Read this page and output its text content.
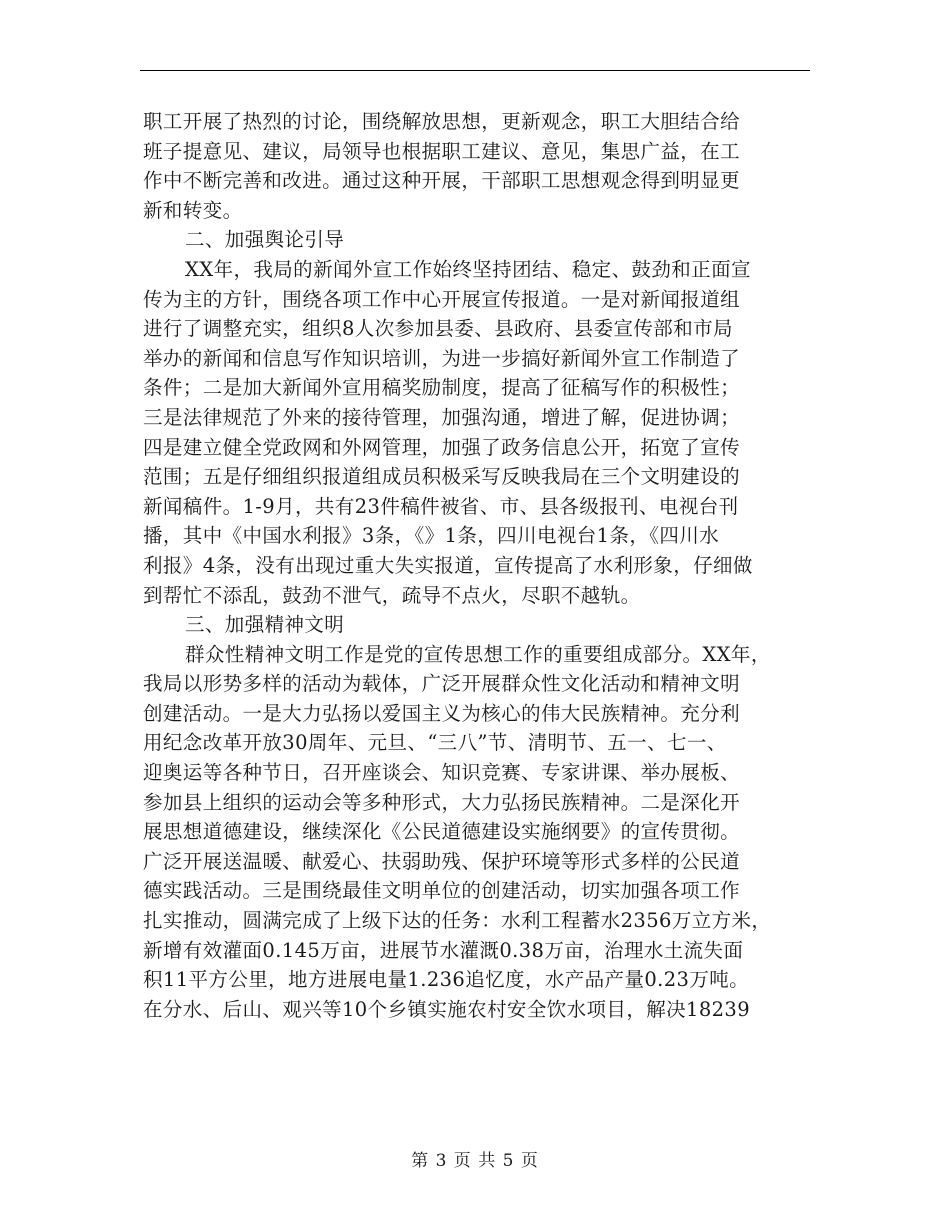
职工开展了热烈的讨论，围绕解放思想，更新观念，职工大胆结合给
班子提意见、建议，局领导也根据职工建议、意见，集思广益，在工
作中不断完善和改进。通过这种开展，干部职工思想观念得到明显更
新和转变。
二、加强舆论引导
XX年，我局的新闻外宣工作始终坚持团结、稳定、鼓劲和正面宣
传为主的方针，围绕各项工作中心开展宣传报道。一是对新闻报道组
进行了调整充实，组织8人次参加县委、县政府、县委宣传部和市局
举办的新闻和信息写作知识培训，为进一步搞好新闻外宣工作制造了
条件；二是加大新闻外宣用稿奖励制度，提高了征稿写作的积极性；
三是法律规范了外来的接待管理，加强沟通，增进了解，促进协调；
四是建立健全党政网和外网管理，加强了政务信息公开，拓宽了宣传
范围；五是仔细组织报道组成员积极采写反映我局在三个文明建设的
新闻稿件。1-9月，共有23件稿件被省、市、县各级报刊、电视台刊
播，其中《中国水利报》3条，《》1条，四川电视台1条，《四川水
利报》4条，没有出现过重大失实报道，宣传提高了水利形象，仔细做
到帮忙不添乱，鼓劲不泄气，疏导不点火，尽职不越轨。
三、加强精神文明
群众性精神文明工作是党的宣传思想工作的重要组成部分。XX年，
我局以形势多样的活动为载体，广泛开展群众性文化活动和精神文明
创建活动。一是大力弘扬以爱国主义为核心的伟大民族精神。充分利
用纪念改革开放30周年、元旦、“三八”节、清明节、五一、七一、
迎奥运等各种节日，召开座谈会、知识竞赛、专家讲课、举办展板、
参加县上组织的运动会等多种形式，大力弘扬民族精神。二是深化开
展思想道德建设，继续深化《公民道德建设实施纲要》的宣传贯彻。
广泛开展送温暖、献爱心、扶弱助残、保护环境等形式多样的公民道
德实践活动。三是围绕最佳文明单位的创建活动，切实加强各项工作
扎实推动，圆满完成了上级下达的任务：水利工程蓄水2356万立方米，
新增有效灌面0.145万亩，进展节水灌溉0.38万亩，治理水土流失面
积11平方公里，地方进展电量1.236追忆度，水产品产量0.23万吨。
在分水、后山、观兴等10个乡镇实施农村安全饮水项目，解决18239
第 3 页 共 5 页
